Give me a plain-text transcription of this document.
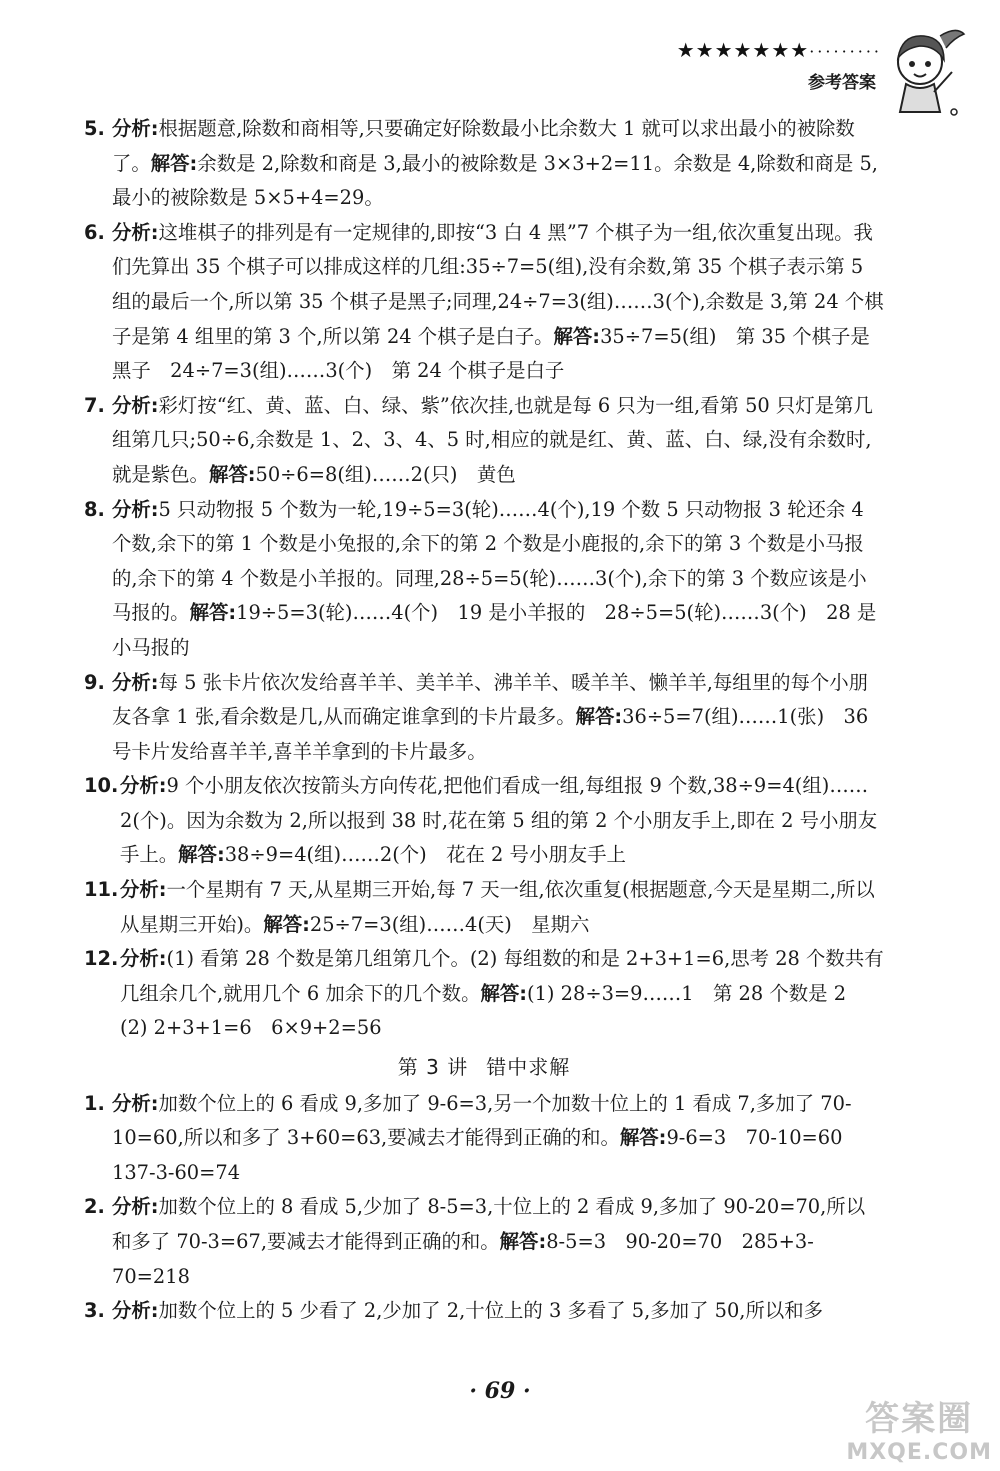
★★★★★★★·········
参考答案

5. 分析:根据题意,除数和商相等,只要确定好除数最小比余数大 1 就可以求出最小的被除数了。解答:余数是 2,除数和商是 3,最小的被除数是 3×3+2=11。余数是 4,除数和商是 5,最小的被除数是 5×5+4=29。

6. 分析:这堆棋子的排列是有一定规律的,即按“3 白 4 黑”7 个棋子为一组,依次重复出现。我们先算出 35 个棋子可以排成这样的几组:35÷7=5(组),没有余数,第 35 个棋子表示第 5 组的最后一个,所以第 35 个棋子是黑子;同理,24÷7=3(组)……3(个),余数是 3,第 24 个棋子是第 4 组里的第 3 个,所以第 24 个棋子是白子。解答:35÷7=5(组)　第 35 个棋子是黑子　24÷7=3(组)……3(个)　第 24 个棋子是白子

7. 分析:彩灯按“红、黄、蓝、白、绿、紫”依次挂,也就是每 6 只为一组,看第 50 只灯是第几组第几只;50÷6,余数是 1、2、3、4、5 时,相应的就是红、黄、蓝、白、绿,没有余数时,就是紫色。解答:50÷6=8(组)……2(只)　黄色

8. 分析:5 只动物报 5 个数为一轮,19÷5=3(轮)……4(个),19 个数 5 只动物报 3 轮还余 4 个数,余下的第 1 个数是小兔报的,余下的第 2 个数是小鹿报的,余下的第 3 个数是小马报的,余下的第 4 个数是小羊报的。同理,28÷5=5(轮)……3(个),余下的第 3 个数应该是小马报的。解答:19÷5=3(轮)……4(个)　19 是小羊报的　28÷5=5(轮)……3(个)　28 是小马报的

9. 分析:每 5 张卡片依次发给喜羊羊、美羊羊、沸羊羊、暖羊羊、懒羊羊,每组里的每个小朋友各拿 1 张,看余数是几,从而确定谁拿到的卡片最多。解答:36÷5=7(组)……1(张)　36 号卡片发给喜羊羊,喜羊羊拿到的卡片最多。

10. 分析:9 个小朋友依次按箭头方向传花,把他们看成一组,每组报 9 个数,38÷9=4(组)……2(个)。因为余数为 2,所以报到 38 时,花在第 5 组的第 2 个小朋友手上,即在 2 号小朋友手上。解答:38÷9=4(组)……2(个)　花在 2 号小朋友手上

11. 分析:一个星期有 7 天,从星期三开始,每 7 天一组,依次重复(根据题意,今天是星期二,所以从星期三开始)。解答:25÷7=3(组)……4(天)　星期六

12. 分析:(1) 看第 28 个数是第几组第几个。(2) 每组数的和是 2+3+1=6,思考 28 个数共有几组余几个,就用几个 6 加余下的几个数。解答:(1) 28÷3=9……1　第 28 个数是 2　(2) 2+3+1=6　6×9+2=56

第 3 讲 错中求解

1. 分析:加数个位上的 6 看成 9,多加了 9-6=3,另一个加数十位上的 1 看成 7,多加了 70-10=60,所以和多了 3+60=63,要减去才能得到正确的和。解答:9-6=3　70-10=60　137-3-60=74

2. 分析:加数个位上的 8 看成 5,少加了 8-5=3,十位上的 2 看成 9,多加了 90-20=70,所以和多了 70-3=67,要减去才能得到正确的和。解答:8-5=3　90-20=70　285+3-70=218

3. 分析:加数个位上的 5 少看了 2,少加了 2,十位上的 3 多看了 5,多加了 50,所以和多

· 69 ·
答案圈
MXQE.COM
